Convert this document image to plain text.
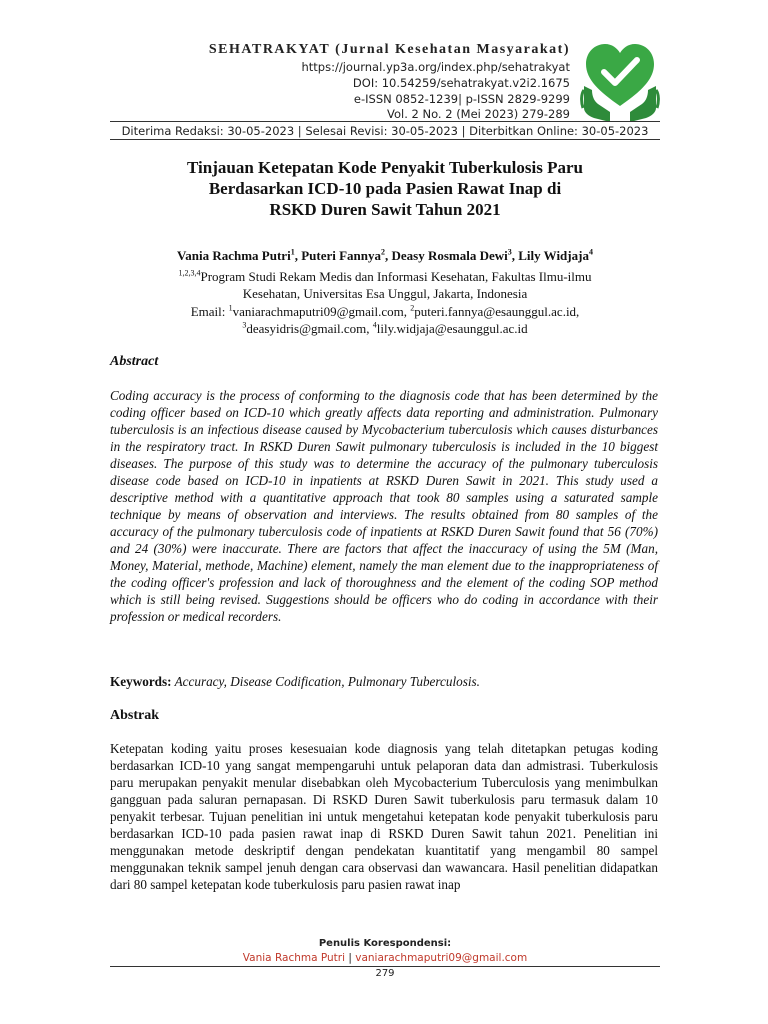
SEHATRAKYAT (Jurnal Kesehatan Masyarakat)
https://journal.yp3a.org/index.php/sehatrakyat
DOI: 10.54259/sehatrakyat.v2i2.1675
e-ISSN 0852-1239| p-ISSN 2829-9299
Vol. 2 No. 2 (Mei 2023) 279-289
Diterima Redaksi: 30-05-2023 | Selesai Revisi: 30-05-2023 | Diterbitkan Online: 30-05-2023
Tinjauan Ketepatan Kode Penyakit Tuberkulosis Paru
Berdasarkan ICD-10 pada Pasien Rawat Inap di
RSKD Duren Sawit Tahun 2021
Vania Rachma Putri$^1$, Puteri Fannya$^2$, Deasy Rosmala Dewi$^3$, Lily Widjaja$^4$
$^{1,2,3,4}$Program Studi Rekam Medis dan Informasi Kesehatan, Fakultas Ilmu-ilmu
Kesehatan, Universitas Esa Unggul, Jakarta, Indonesia
Email: $^1$vaniarachmaputri09@gmail.com, $^2$puteri.fannya@esaunggul.ac.id,
$^3$deasyidris@gmail.com, $^4$lily.widjaja@esaunggul.ac.id
Abstract

Coding accuracy is the process of conforming to the diagnosis code that has been determined by the coding officer based on ICD-10 which greatly affects data reporting and administration. Pulmonary tuberculosis is an infectious disease caused by Mycobacterium tuberculosis which causes disturbances in the respiratory tract. In RSKD Duren Sawit pulmonary tuberculosis is included in the 10 biggest diseases. The purpose of this study was to determine the accuracy of the pulmonary tuberculosis disease code based on ICD-10 in inpatients at RSKD Duren Sawit in 2021. This study used a descriptive method with a quantitative approach that took 80 samples using a saturated sample technique by means of observation and interviews. The results obtained from 80 samples of the accuracy of the pulmonary tuberculosis code of inpatients at RSKD Duren Sawit found that 56 (70%) and 24 (30%) were inaccurate. There are factors that affect the inaccuracy of using the 5M (Man, Money, Material, methode, Machine) element, namely the man element due to the inappropriateness of the coding officer's profession and lack of thoroughness and the element of the coding SOP method which is still being revised. Suggestions should be officers who do coding in accordance with their profession or medical recorders.

Keywords: Accuracy, Disease Codification, Pulmonary Tuberculosis.
Abstrak

Ketepatan koding yaitu proses kesesuaian kode diagnosis yang telah ditetapkan petugas koding berdasarkan ICD-10 yang sangat mempengaruhi untuk pelaporan data dan admistrasi. Tuberkulosis paru merupakan penyakit menular disebabkan oleh Mycobacterium Tuberculosis yang menimbulkan gangguan pada saluran pernapasan. Di RSKD Duren Sawit tuberkulosis paru termasuk dalam 10 penyakit terbesar. Tujuan penelitian ini untuk mengetahui ketepatan kode penyakit tuberkulosis paru berdasarkan ICD-10 pada pasien rawat inap di RSKD Duren Sawit tahun 2021. Penelitian ini menggunakan metode deskriptif dengan pendekatan kuantitatif yang mengambil 80 sampel menggunakan teknik sampel jenuh dengan cara observasi dan wawancara. Hasil penelitian didapatkan dari 80 sampel ketepatan kode tuberkulosis paru pasien rawat inap

Penulis Korespondensi:
Vania Rachma Putri | vaniarachmaputri09@gmail.com
279
